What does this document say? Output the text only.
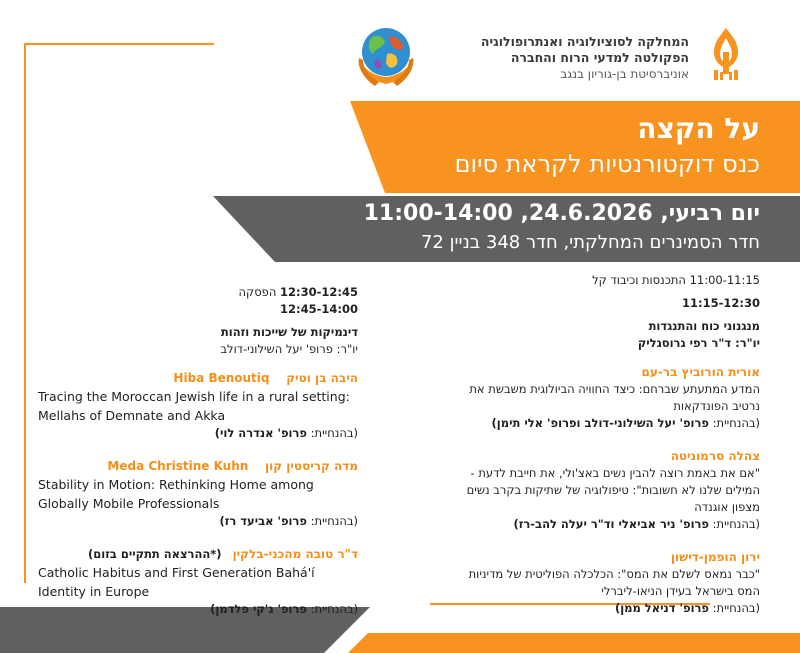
המחלקה לסוציולוגיה ואנתרופולוגיה
הפקולטה למדעי הרוח והחברה
אוניברסיטת בן-גוריון בנגב
על הקצה
כנס דוקטורנטיות לקראת סיום
יום רביעי, 24.6.2026, 11:00-14:00
חדר הסמינרים המחלקתי, חדר 348 בניין 72
11:00-11:15 התכנסות וכיבוד קל
11:15-12:30
מנגנוני כוח והתנגדות
יו"ר: ד"ר רפי גרוסגליק
אורית הורוביץ בר-עם
המדע המתעתע שברחם: כיצד החוויה הביולוגית משבשת את
נרטיב הפונדקאות
(בהנחיית: פרופ' יעל השילוני-דולב ופרופ' אלי תימן)
צהלה סרמוניטה
"אם את באמת רוצה להבין נשים באצ'ולי, את חייבת לדעת -
המילים שלנו לא חשובות": טיפולוגיה של שתיקות בקרב נשים
מצפון אוגנדה
(בהנחיית: פרופ' ניר אביאלי וד"ר יעלה להב-רז)
ירון הופמן-דישון
"כבר נמאס לשלם את המס": הכלכלה הפוליטית של מדיניות
המס בישראל בעידן הניאו-ליברלי
(בהנחיית: פרופ' דניאל ממן)
12:30-12:45 הפסקה
12:45-14:00
דינמיקות של שייכות וזהות
יו"ר: פרופ' יעל השילוני-דולב
היבה בן וטיק    Hiba Benoutiq
Tracing the Moroccan Jewish life in a rural setting:
Mellahs of Demnate and Akka
(בהנחיית: פרופ' אנדרה לוי)
מדה קריסטין קון    Meda Christine Kuhn
Stability in Motion: Rethinking Home among
Globally Mobile Professionals
(בהנחיית: פרופ' אביעד רז)
ד"ר טובה מהכני-בלקין   (*ההרצאה תתקיים בזום)
Catholic Habitus and First Generation Bahá'í
Identity in Europe
(בהנחיית: פרופ' ג'קי פלדמן)
